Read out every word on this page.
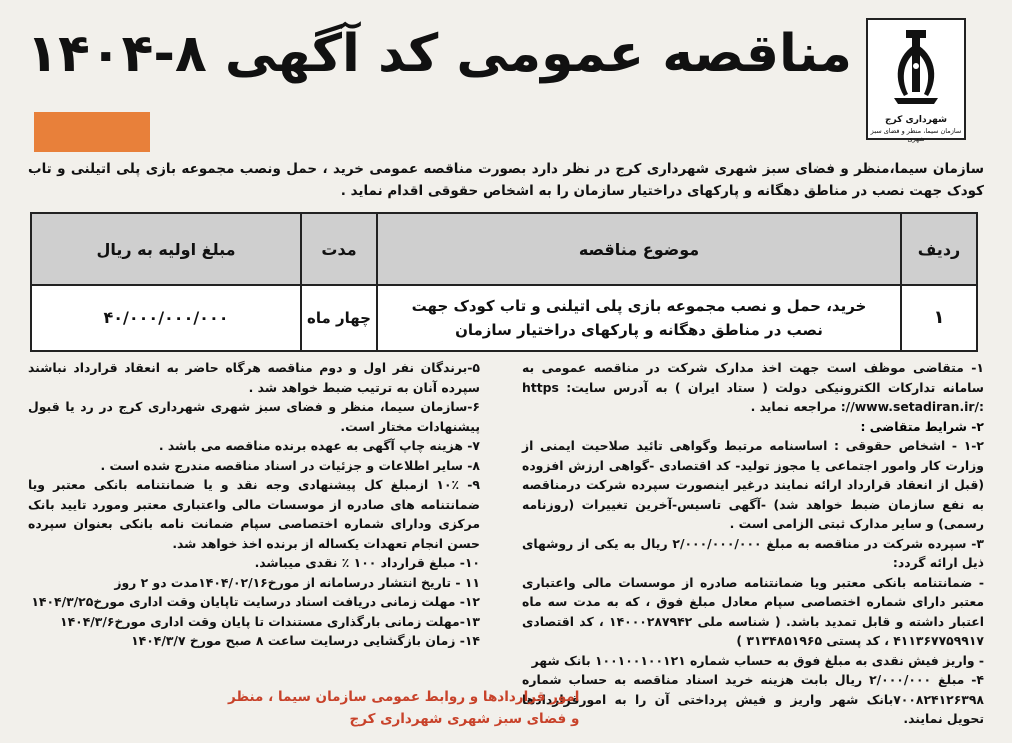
شهرداری کرج
سازمان سیما، منظر و فضای سبز شهری
مناقصه عمومی کد آگهی ۸-۱۴۰۴
سازمان سیما،منظر و فضای سبز شهری شهرداری کرج در نظر دارد بصورت مناقصه عمومی خرید ، حمل ونصب مجموعه بازی پلی اتیلنی و تاب کودک جهت نصب در مناطق دهگانه و پارکهای دراختیار سازمان را به اشخاص حقوقی اقدام نماید .
ردیف	موضوع مناقصه	مدت	مبلغ اولیه به ریال
۱	خرید، حمل و نصب مجموعه بازی پلی اتیلنی و تاب کودک جهت نصب در مناطق دهگانه و پارکهای دراختیار سازمان	چهار ماه	۴۰/۰۰۰/۰۰۰/۰۰۰

۱- متقاضی موظف است جهت اخذ مدارک شرکت در مناقصه عمومی به سامانه تدارکات الکترونیکی دولت ( ستاد ایران ) به آدرس سایت: https ://www.setadiran.ir/: مراجعه نماید .

۲- شرایط متقاضی :

۱-۲ - اشخاص حقوقی : اساسنامه مرتبط وگواهی تائید صلاحیت ایمنی از وزارت کار وامور اجتماعی یا مجوز تولید- کد اقتصادی -گواهی ارزش افزوده (قبل از انعقاد قرارداد ارائه نمایند درغیر اینصورت سپرده شرکت درمناقصه به نفع سازمان ضبط خواهد شد) -آگهی تاسیس-آخرین تغییرات (روزنامه رسمی) و سایر مدارک ثبتی الزامی است .

۳- سپرده شرکت در مناقصه به مبلغ ۲/۰۰۰/۰۰۰/۰۰۰ ریال به یکی از روشهای ذیل ارائه گردد:

- ضمانتنامه بانکی معتبر ویا ضمانتنامه صادره از موسسات مالی واعتباری معتبر دارای شماره اختصاصی سپام معادل مبلغ فوق ، که به مدت سه ماه اعتبار داشته و قابل تمدید باشد. ( شناسه ملی ۱۴۰۰۰۲۸۷۹۴۲ ، کد اقتصادی ۴۱۱۳۶۷۷۵۹۹۱۷ ، کد پستی ۳۱۳۴۸۵۱۹۶۵ )

- واریز فیش نقدی به مبلغ فوق به حساب شماره ۱۰۰۱۰۰۱۰۰۱۲۱ بانک شهر

۴- مبلغ ۲/۰۰۰/۰۰۰ ریال بابت هزینه خرید اسناد مناقصه به حساب شماره ۷۰۰۸۲۴۱۲۶۳۹۸بانک شهر واریز و فیش پرداختی آن را به امورقراردادها تحویل نمایند.

۵-برندگان نفر اول و دوم مناقصه هرگاه حاضر به انعقاد قرارداد نباشند سپرده آنان به ترتیب ضبط خواهد شد .

۶-سازمان سیما، منظر و فضای سبز شهری شهرداری کرج در رد یا قبول پیشنهادات مختار است.

۷- هزینه چاپ آگهی به عهده برنده مناقصه می باشد .

۸- سایر اطلاعات و جزئیات در اسناد مناقصه مندرج شده است .

۹- ۱۰٪ ازمبلغ کل پیشنهادی وجه نقد و یا ضمانتنامه بانکی معتبر ویا ضمانتنامه های صادره از موسسات مالی واعتباری معتبر ومورد تایید بانک مرکزی ودارای شماره اختصاصی سپام ضمانت نامه بانکی بعنوان سپرده حسن انجام تعهدات یکساله از برنده اخذ خواهد شد.

۱۰- مبلغ قرارداد ۱۰۰ ٪ نقدی میباشد.

۱۱ - تاریخ انتشار درسامانه از مورخ۱۴۰۴/۰۲/۱۶مدت دو ۲ روز

۱۲- مهلت زمانی دریافت اسناد درسایت تاپایان وقت اداری مورخ۱۴۰۴/۳/۲۵

۱۳-مهلت زمانی بارگذاری مستندات تا پایان وقت اداری مورخ۱۴۰۴/۳/۶

۱۴- زمان بازگشایی درسایت ساعت ۸ صبح مورخ ۱۴۰۴/۳/۷

امور قراردادها و روابط عمومی سازمان سیما ، منظر
و فضای سبز شهری شهرداری کرج
